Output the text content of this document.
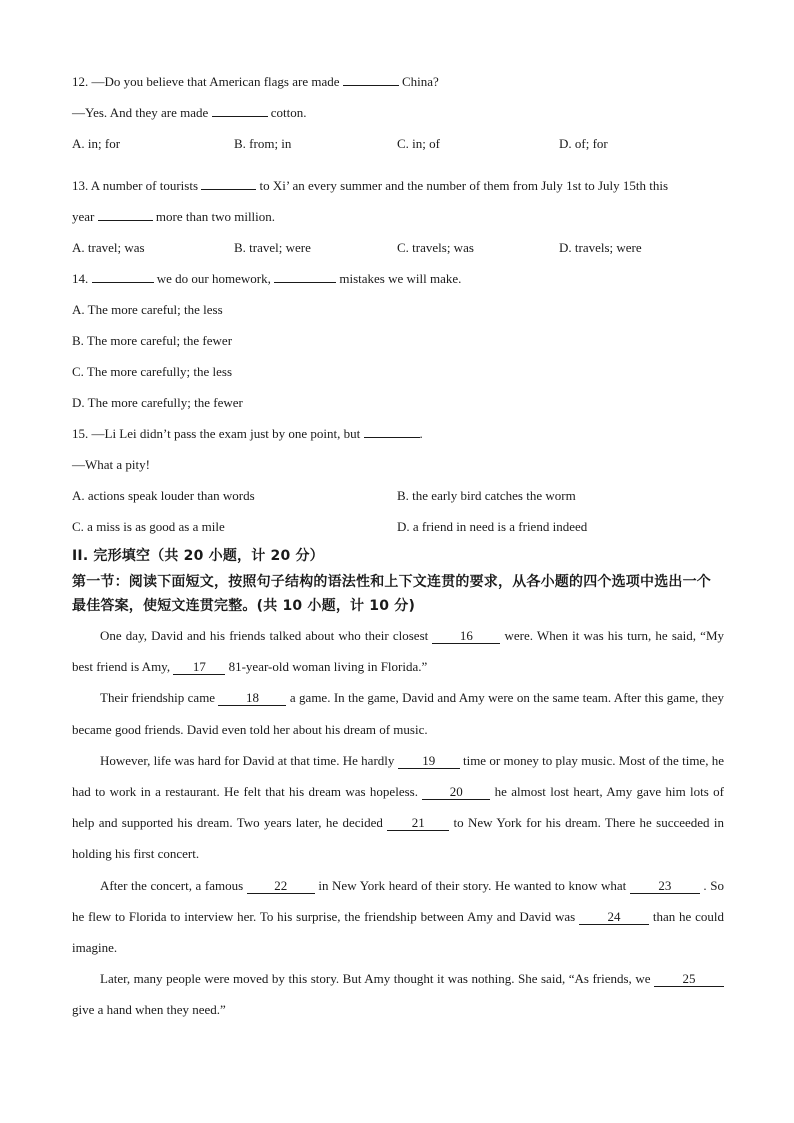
12. —Do you believe that American flags are made	China?
—Yes. And they are made	cotton.
A. in; for	B. from; in	C. in; of	D. of; for
13. A number of tourists	to Xi’ an every summer and the number of them from July 1st to July 15th this
year	more than two million.
A. travel; was	B. travel; were	C. travels; was	D. travels; were
14.	we do our homework,	mistakes we will make.
A. The more careful; the less
B. The more careful; the fewer
C. The more carefully; the less
D. The more carefully; the fewer
15. —Li Lei didn’t pass the exam just by one point, but	.
—What a pity!
A. actions speak louder than words	B. the early bird catches the worm
C. a miss is as good as a mile	D. a friend in need is a friend indeed
II. 完形填空（共 20 小题，计 20 分）
第一节：阅读下面短文，按照句子结构的语法性和上下文连贯的要求，从各小题的四个选项中选出一个最佳答案，使短文连贯完整。(共 10 小题，计 10 分)
One day, David and his friends talked about who their closest 16 were. When it was his turn, he said, “My best friend is Amy, 17 81-year-old woman living in Florida.”
Their friendship came 18 a game. In the game, David and Amy were on the same team. After this game, they became good friends. David even told her about his dream of music.
However, life was hard for David at that time. He hardly 19 time or money to play music. Most of the time, he had to work in a restaurant. He felt that his dream was hopeless. 20 he almost lost heart, Amy gave him lots of help and supported his dream. Two years later, he decided 21 to New York for his dream. There he succeeded in holding his first concert.
After the concert, a famous 22 in New York heard of their story. He wanted to know what 23 . So he flew to Florida to interview her. To his surprise, the friendship between Amy and David was 24 than he could imagine.
Later, many people were moved by this story. But Amy thought it was nothing. She said, “As friends, we 25 give a hand when they need.”
